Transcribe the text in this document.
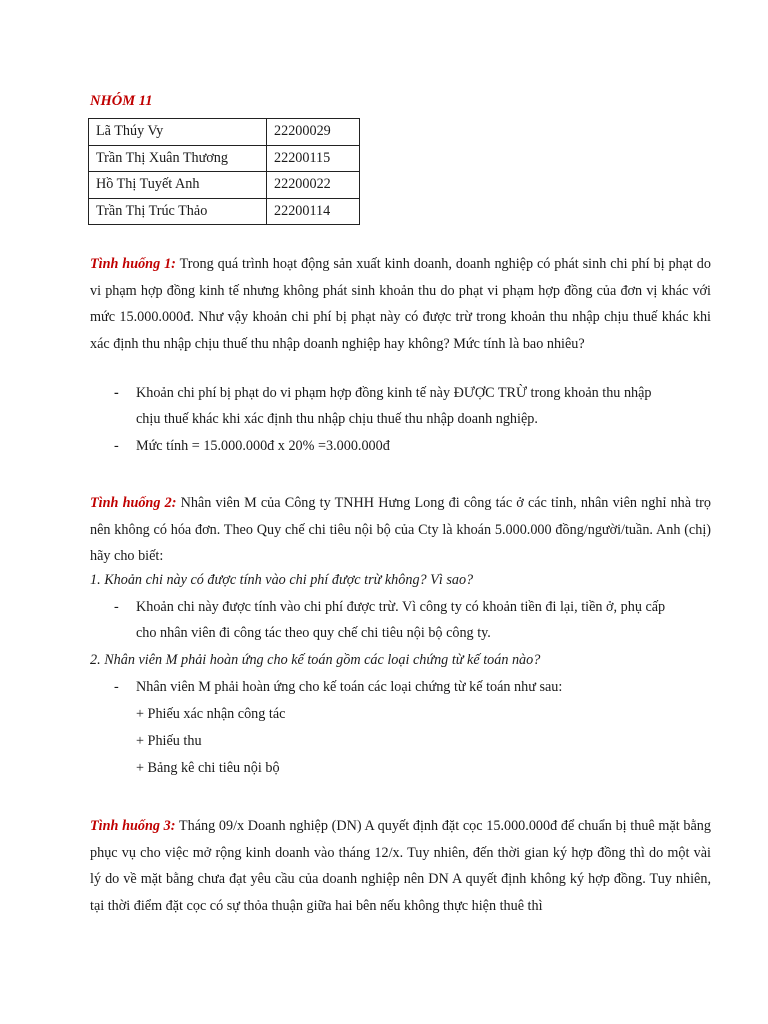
NHÓM 11
Lã Thúy Vy	22200029
Trần Thị Xuân Thương	22200115
Hồ Thị Tuyết Anh	22200022
Trần Thị Trúc Thảo	22200114
Tình huống 1: Trong quá trình hoạt động sản xuất kinh doanh, doanh nghiệp có phát sinh chi phí bị phạt do vi phạm hợp đồng kinh tế nhưng không phát sinh khoản thu do phạt vi phạm hợp đồng của đơn vị khác với mức 15.000.000đ. Như vậy khoản chi phí bị phạt này có được trừ trong khoản thu nhập chịu thuế khác khi xác định thu nhập chịu thuế thu nhập doanh nghiệp hay không? Mức tính là bao nhiêu?
- Khoản chi phí bị phạt do vi phạm hợp đồng kinh tế này ĐƯỢC TRỪ trong khoản thu nhập
chịu thuế khác khi xác định thu nhập chịu thuế thu nhập doanh nghiệp.
- Mức tính = 15.000.000đ x 20% =3.000.000đ
Tình huống 2: Nhân viên M của Công ty TNHH Hưng Long đi công tác ở các tỉnh, nhân viên nghỉ nhà trọ nên không có hóa đơn. Theo Quy chế chi tiêu nội bộ của Cty là khoán 5.000.000 đồng/người/tuần. Anh (chị) hãy cho biết:
1. Khoản chi này có được tính vào chi phí được trừ không? Vì sao?
- Khoản chi này được tính vào chi phí được trừ. Vì công ty có khoản tiền đi lại, tiền ở, phụ cấp
cho nhân viên đi công tác theo quy chế chi tiêu nội bộ công ty.
2. Nhân viên M phải hoàn ứng cho kế toán gồm các loại chứng từ kế toán nào?
- Nhân viên M phải hoàn ứng cho kế toán các loại chứng từ kế toán như sau:
+ Phiếu xác nhận công tác
+ Phiếu thu
+ Bảng kê chi tiêu nội bộ
Tình huống 3: Tháng 09/x Doanh nghiệp (DN) A quyết định đặt cọc 15.000.000đ để chuẩn bị thuê mặt bằng phục vụ cho việc mở rộng kinh doanh vào tháng 12/x. Tuy nhiên, đến thời gian ký hợp đồng thì do một vài lý do về mặt bằng chưa đạt yêu cầu của doanh nghiệp nên DN A quyết định không ký hợp đồng. Tuy nhiên, tại thời điểm đặt cọc có sự thỏa thuận giữa hai bên nếu không thực hiện thuê thì
